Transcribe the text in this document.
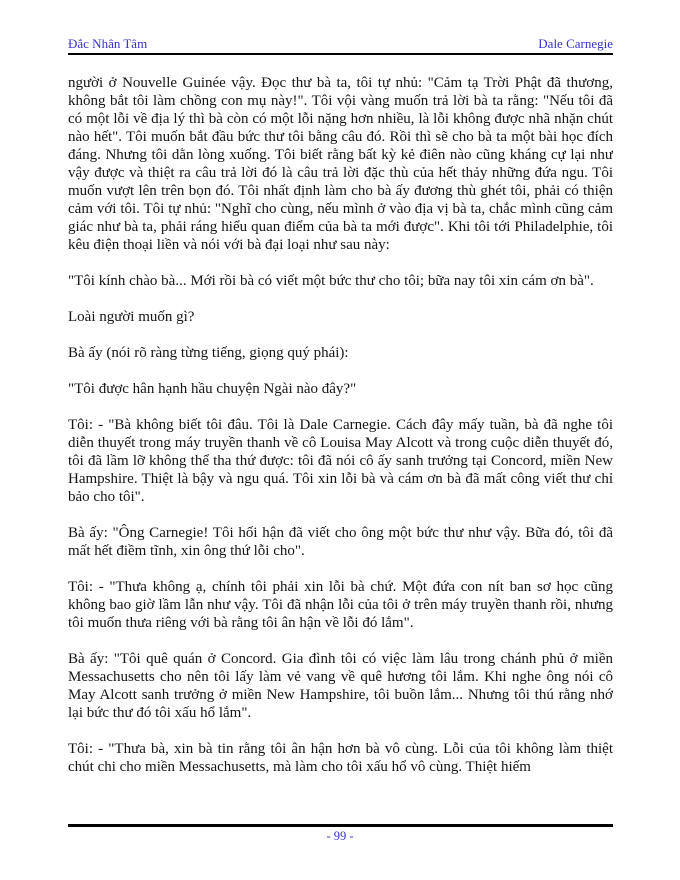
Đắc Nhân Tâm	Dale Carnegie

người ở Nouvelle Guinée vậy. Đọc thư bà ta, tôi tự nhủ: "Cảm tạ Trời Phật đã thương, không bắt tôi làm chồng con mụ này!". Tôi vội vàng muốn trả lời bà ta rằng: "Nếu tôi đã có một lỗi về địa lý thì bà còn có một lỗi nặng hơn nhiều, là lỗi không được nhã nhặn chút nào hết". Tôi muốn bắt đầu bức thư tôi bằng câu đó. Rồi thì sẽ cho bà ta một bài học đích đáng. Nhưng tôi dằn lòng xuống. Tôi biết rằng bất kỳ kẻ điên nào cũng kháng cự lại như vậy được và thiệt ra câu trả lời đó là câu trả lời đặc thù của hết thảy những đứa ngu. Tôi muốn vượt lên trên bọn đó. Tôi nhất định làm cho bà ấy đương thù ghét tôi, phải có thiện cảm với tôi. Tôi tự nhủ: "Nghĩ cho cùng, nếu mình ở vào địa vị bà ta, chắc mình cũng cảm giác như bà ta, phải ráng hiểu quan điểm của bà ta mới được". Khi tôi tới Philadelphie, tôi kêu điện thoại liền và nói với bà đại loại như sau này:

"Tôi kính chào bà... Mới rồi bà có viết một bức thư cho tôi; bữa nay tôi xin cám ơn bà".

Loài người muốn gì?

Bà ấy (nói rõ ràng từng tiếng, giọng quý phái):

"Tôi được hân hạnh hầu chuyện Ngài nào đây?"

Tôi: - "Bà không biết tôi đâu. Tôi là Dale Carnegie. Cách đây mấy tuần, bà đã nghe tôi diễn thuyết trong máy truyền thanh về cô Louisa May Alcott và trong cuộc diễn thuyết đó, tôi đã lầm lỡ không thể tha thứ được: tôi đã nói cô ấy sanh trưởng tại Concord, miền New Hampshire. Thiệt là bậy và ngu quá. Tôi xin lỗi bà và cám ơn bà đã mất công viết thư chỉ bảo cho tôi".

Bà ấy: "Ông Carnegie! Tôi hối hận đã viết cho ông một bức thư như vậy. Bữa đó, tôi đã mất hết điềm tĩnh, xin ông thứ lỗi cho".

Tôi: - "Thưa không ạ, chính tôi phải xin lỗi bà chứ. Một đứa con nít ban sơ học cũng không bao giờ lầm lẫn như vậy. Tôi đã nhận lỗi của tôi ở trên máy truyền thanh rồi, nhưng tôi muốn thưa riêng với bà rằng tôi ân hận về lỗi đó lắm".

Bà ấy: "Tôi quê quán ở Concord. Gia đình tôi có việc làm lâu trong chánh phủ ở miền Messachusetts cho nên tôi lấy làm vẻ vang về quê hương tôi lắm. Khi nghe ông nói cô May Alcott sanh trưởng ở miền New Hampshire, tôi buồn lắm... Nhưng tôi thú rằng nhớ lại bức thư đó tôi xấu hổ lắm".

Tôi: - "Thưa bà, xin bà tin rằng tôi ân hận hơn bà vô cùng. Lỗi của tôi không làm thiệt chút chi cho miền Messachusetts, mà làm cho tôi xấu hổ vô cùng. Thiệt hiếm

- 99 -
